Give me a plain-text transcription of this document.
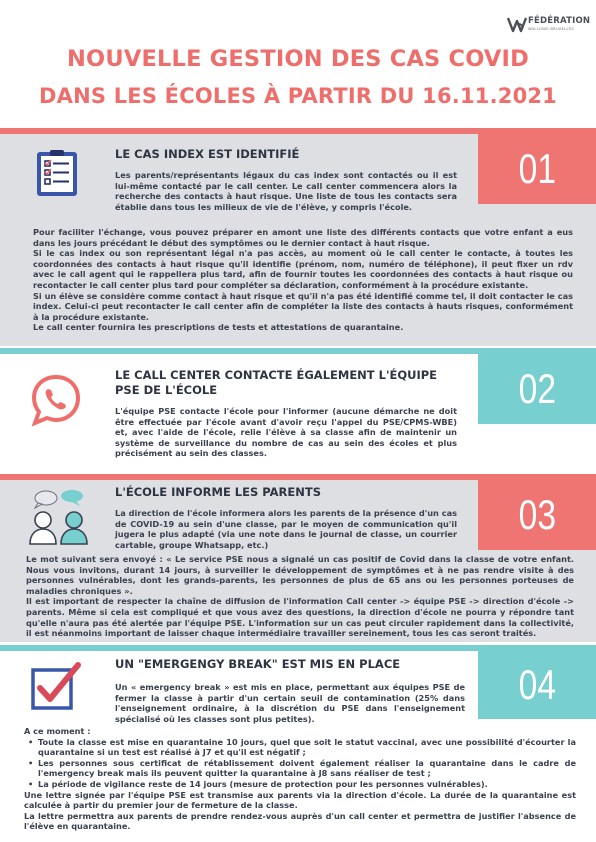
FÉDÉRATION
WALLONIE-BRUXELLES
NOUVELLE GESTION DES CAS COVID
DANS LES ÉCOLES À PARTIR DU 16.11.2021
01
LE CAS INDEX EST IDENTIFIÉ
Les parents/représentants légaux du cas index sont contactés ou il est lui-même contacté par le call center. Le call center commencera alors la recherche des contacts à haut risque. Une liste de tous les contacts sera établie dans tous les milieux de vie de l'élève, y compris l'école.

Pour faciliter l'échange, vous pouvez préparer en amont une liste des différents contacts que votre enfant a eus dans les jours précédant le début des symptômes ou le dernier contact à haut risque.

Si le cas index ou son représentant légal n'a pas accès, au moment où le call center le contacte, à toutes les coordonnées des contacts à haut risque qu'il identifie (prénom, nom, numéro de téléphone), il peut fixer un rdv avec le call agent qui le rappellera plus tard, afin de fournir toutes les coordonnées des contacts à haut risque ou recontacter le call center plus tard pour compléter sa déclaration, conformément à la procédure existante.

Si un élève se considère comme contact à haut risque et qu'il n'a pas été identifié comme tel, il doit contacter le cas index. Celui-ci peut recontacter le call center afin de compléter la liste des contacts à hauts risques, conformément à la procédure existante.

Le call center fournira les prescriptions de tests et attestations de quarantaine.

02
LE CALL CENTER CONTACTE ÉGALEMENT L'ÉQUIPE PSE DE L'ÉCOLE
L'équipe PSE contacte l'école pour l'informer (aucune démarche ne doit être effectuée par l'école avant d'avoir reçu l'appel du PSE/CPMS-WBE) et, avec l'aide de l'école, relie l'élève à sa classe afin de maintenir un système de surveillance du nombre de cas au sein des écoles et plus précisément au sein des classes.
03
L'ÉCOLE INFORME LES PARENTS
La direction de l'école informera alors les parents de la présence d'un cas de COVID-19 au sein d'une classe, par le moyen de communication qu'il jugera le plus adapté (via une note dans le journal de classe, un courrier cartable, groupe Whatsapp, etc.)

Le mot suivant sera envoyé : « Le service PSE nous a signalé un cas positif de Covid dans la classe de votre enfant. Nous vous invitons, durant 14 jours, à surveiller le développement de symptômes et à ne pas rendre visite à des personnes vulnérables, dont les grands-parents, les personnes de plus de 65 ans ou les personnes porteuses de maladies chroniques ».

Il est important de respecter la chaîne de diffusion de l'information Call center -> équipe PSE -> direction d'école -> parents. Même si cela est compliqué et que vous avez des questions, la direction d'école ne pourra y répondre tant qu'elle n'aura pas été alertée par l'équipe PSE. L'information sur un cas peut circuler rapidement dans la collectivité, il est néanmoins important de laisser chaque intermédiaire travailler sereinement, tous les cas seront traités.

04
UN "EMERGENGY BREAK" EST MIS EN PLACE
Un « emergency break » est mis en place, permettant aux équipes PSE de fermer la classe à partir d'un certain seuil de contamination (25% dans l'enseignement ordinaire, à la discrétion du PSE dans l'enseignement spécialisé où les classes sont plus petites).

A ce moment :

• Toute la classe est mise en quarantaine 10 jours, quel que soit le statut vaccinal, avec une possibilité d'écourter la quarantaine si un test est réalisé à J7 et qu'il est négatif ;
• Les personnes sous certificat de rétablissement doivent également réaliser la quarantaine dans le cadre de l'emergency break mais ils peuvent quitter la quarantaine à J8 sans réaliser de test ;
• La période de vigilance reste de 14 jours (mesure de protection pour les personnes vulnérables).

Une lettre signée par l'équipe PSE est transmise aux parents via la direction d'école. La durée de la quarantaine est calculée à partir du premier jour de fermeture de la classe.

La lettre permettra aux parents de prendre rendez-vous auprès d'un call center et permettra de justifier l'absence de l'élève en quarantaine.
